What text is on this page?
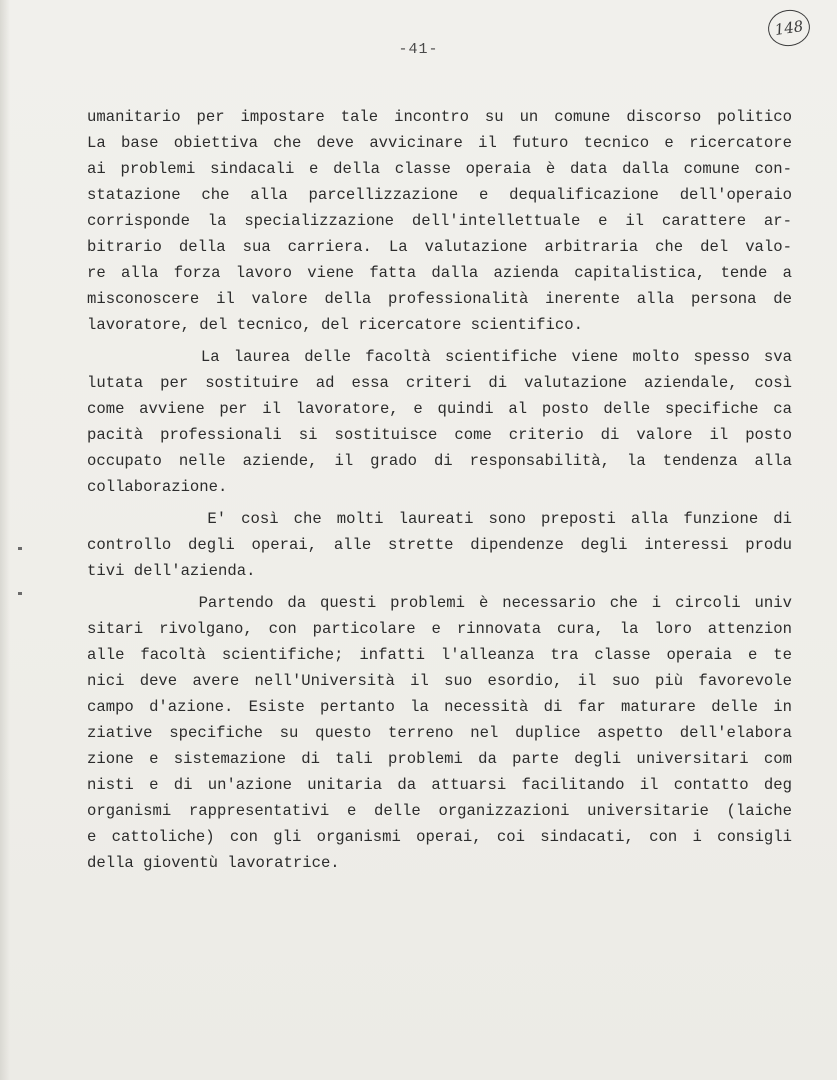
-41-

148
umanitario per impostare tale incontro su un comune discorso politico
La base obiettiva che deve avvicinare il futuro tecnico e ricercatore
ai problemi sindacali e della classe operaia è data dalla comune con-
statazione che alla parcellizzazione e dequalificazione dell'operaio
corrisponde la specializzazione dell'intellettuale e il carattere ar-
bitrario della sua carriera. La valutazione arbitraria che del valo-
re alla forza lavoro viene fatta dalla azienda capitalistica, tende a
misconoscere il valore della professionalità inerente alla persona de
lavoratore, del tecnico, del ricercatore scientifico.
La laurea delle facoltà scientifiche viene molto spesso sva
lutata per sostituire ad essa criteri di valutazione aziendale, così
come avviene per il lavoratore, e quindi al posto delle specifiche ca
pacità professionali si sostituisce come criterio di valore il posto
occupato nelle aziende, il grado di responsabilità, la tendenza alla
collaborazione.
E' così che molti laureati sono preposti alla funzione di
controllo degli operai, alle strette dipendenze degli interessi produ
tivi dell'azienda.
Partendo da questi problemi è necessario che i circoli univ
sitari rivolgano, con particolare e rinnovata cura, la loro attenzion
alle facoltà scientifiche; infatti l'alleanza tra classe operaia e te
nici deve avere nell'Università il suo esordio, il suo più favorevole
campo d'azione. Esiste pertanto la necessità di far maturare delle in
ziative specifiche su questo terreno nel duplice aspetto dell'elabora
zione e sistemazione di tali problemi da parte degli universitari com
nisti e di un'azione unitaria da attuarsi facilitando il contatto deg
organismi rappresentativi e delle organizzazioni universitarie (laiche
e cattoliche) con gli organismi operai, coi sindacati, con i consigli
della gioventù lavoratrice.
